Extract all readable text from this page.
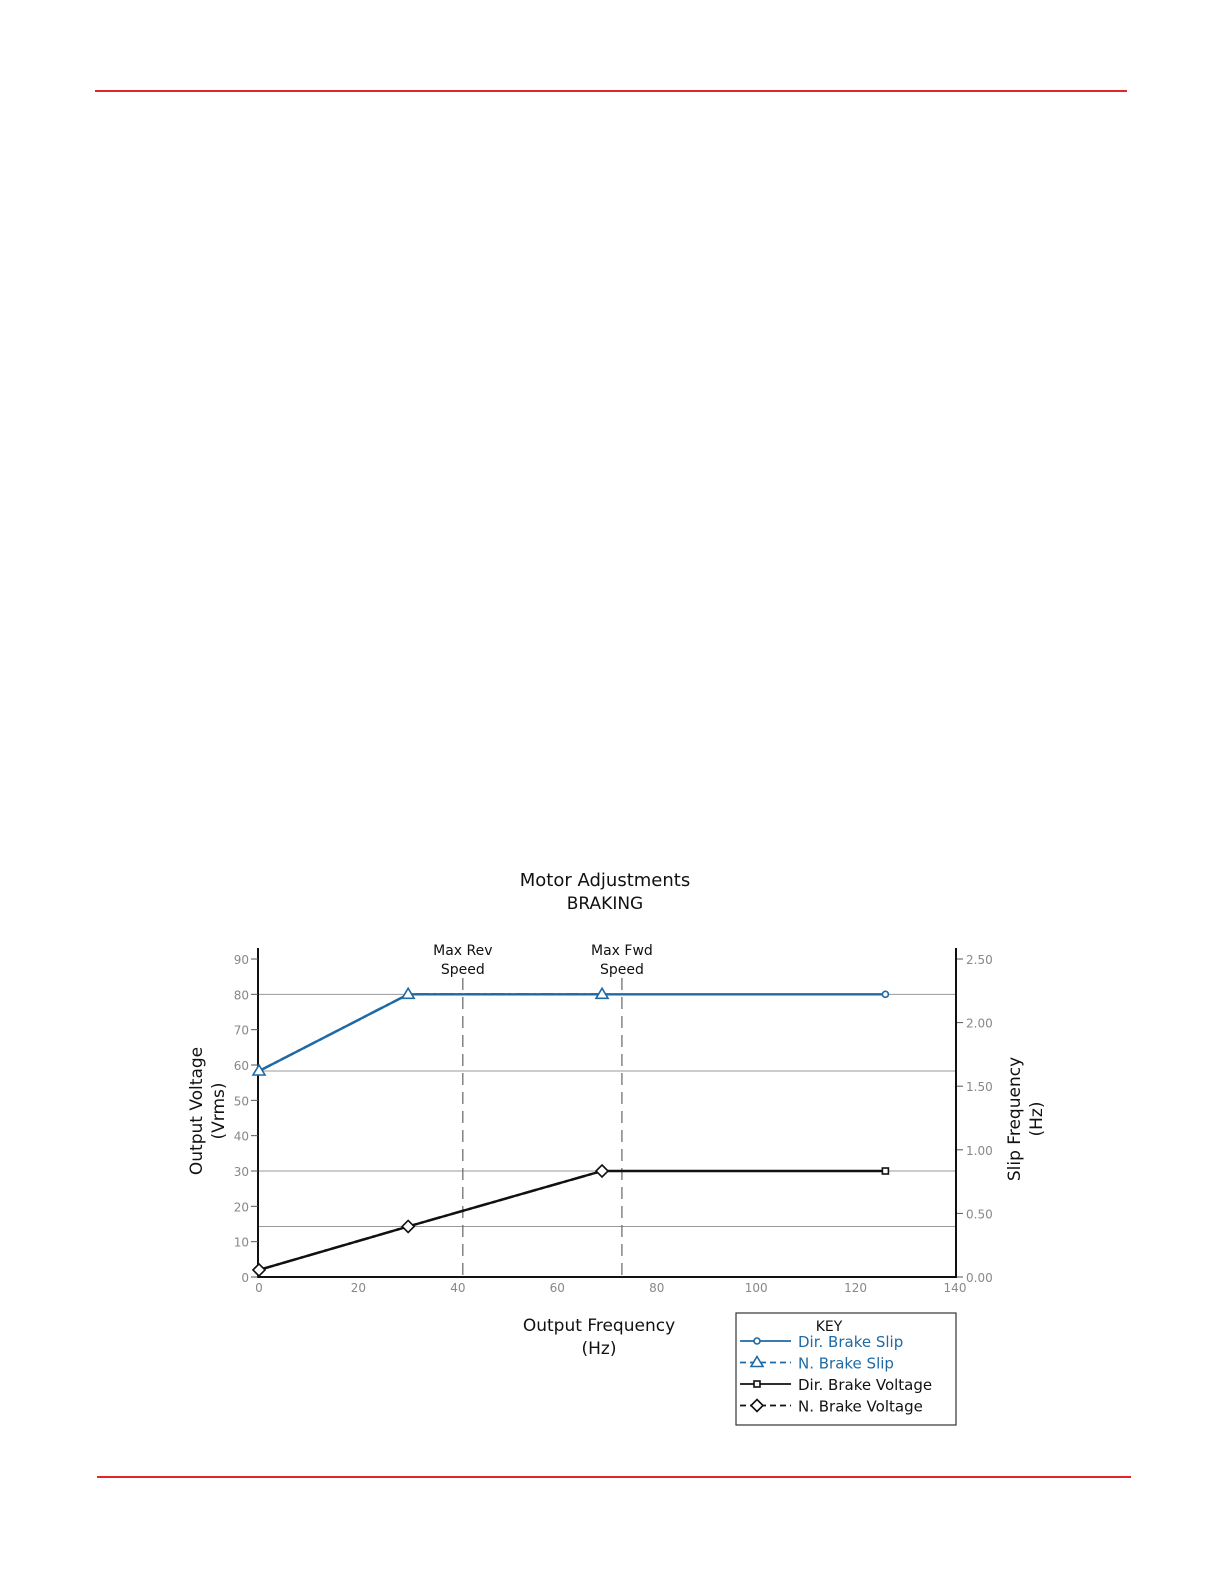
Motor Adjustments
BRAKING
Max Rev
Speed
Max Fwd
Speed
0
10
20
30
40
50
60
70
80
90
0.00
0.50
1.00
1.50
2.00
2.50
0	20	40	60	80	100	120	140
Output Frequency
(Hz)
Output Voltage (Vrms)	Slip Frequency (Hz)
KEY
Dir. Brake Slip
N. Brake Slip
Dir. Brake Voltage
N. Brake Voltage
